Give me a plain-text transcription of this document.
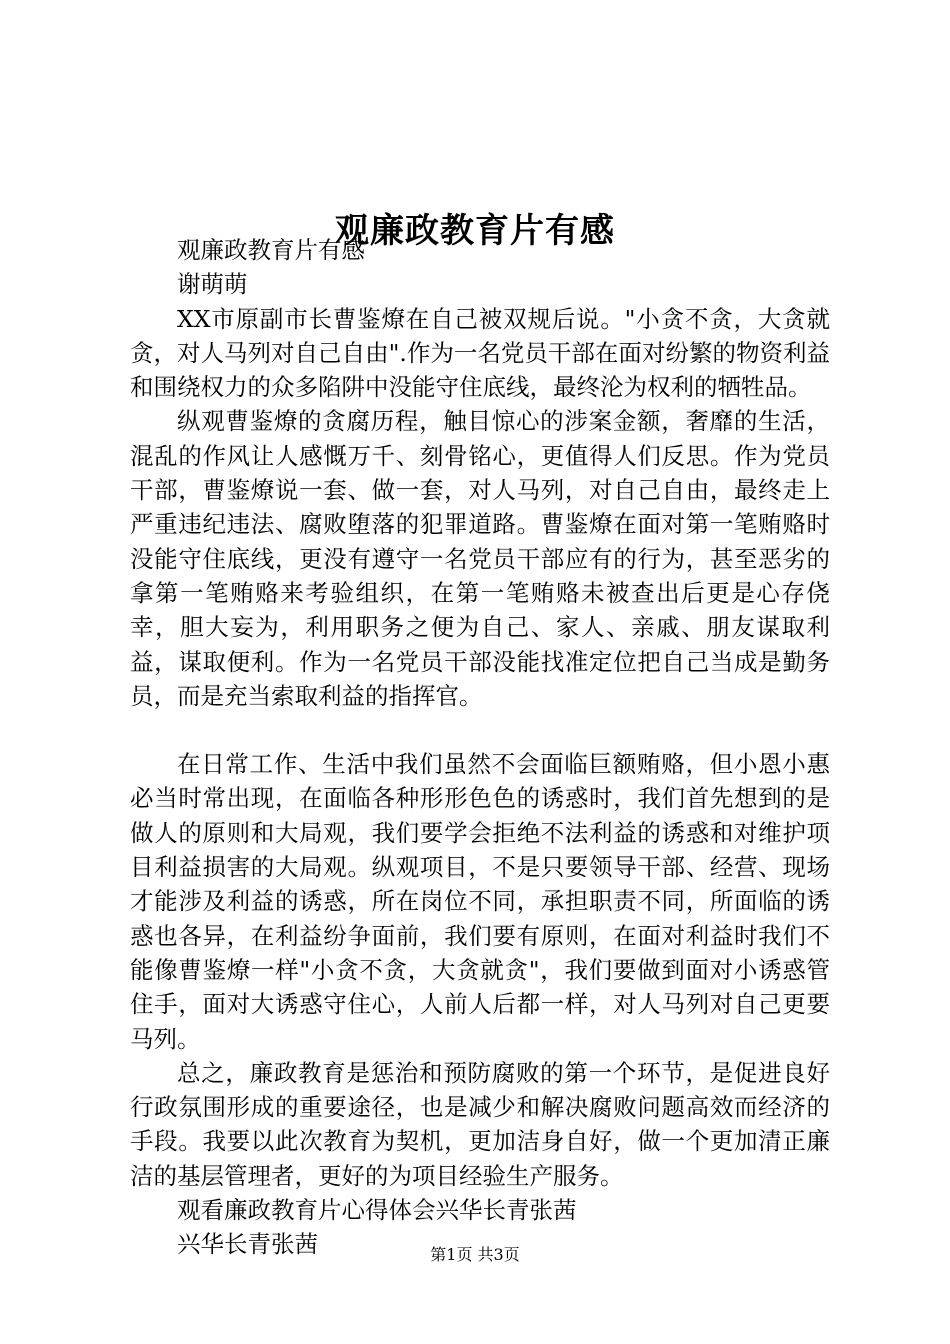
观廉政教育片有感

观廉政教育片有感

谢萌萌

XX市原副市长曹鉴燎在自己被双规后说。"小贪不贪，大贪就贪，对人马列对自己自由".作为一名党员干部在面对纷繁的物资利益和围绕权力的众多陷阱中没能守住底线，最终沦为权利的牺牲品。

纵观曹鉴燎的贪腐历程，触目惊心的涉案金额，奢靡的生活，混乱的作风让人感慨万千、刻骨铭心，更值得人们反思。作为党员干部，曹鉴燎说一套、做一套，对人马列，对自己自由，最终走上严重违纪违法、腐败堕落的犯罪道路。曹鉴燎在面对第一笔贿赂时没能守住底线，更没有遵守一名党员干部应有的行为，甚至恶劣的拿第一笔贿赂来考验组织，在第一笔贿赂未被查出后更是心存侥幸，胆大妄为，利用职务之便为自己、家人、亲戚、朋友谋取利益，谋取便利。作为一名党员干部没能找准定位把自己当成是勤务员，而是充当索取利益的指挥官。

在日常工作、生活中我们虽然不会面临巨额贿赂，但小恩小惠必当时常出现，在面临各种形形色色的诱惑时，我们首先想到的是做人的原则和大局观，我们要学会拒绝不法利益的诱惑和对维护项目利益损害的大局观。纵观项目，不是只要领导干部、经营、现场才能涉及利益的诱惑，所在岗位不同，承担职责不同，所面临的诱惑也各异，在利益纷争面前，我们要有原则，在面对利益时我们不能像曹鉴燎一样"小贪不贪，大贪就贪"，我们要做到面对小诱惑管住手，面对大诱惑守住心，人前人后都一样，对人马列对自己更要马列。

总之，廉政教育是惩治和预防腐败的第一个环节，是促进良好行政氛围形成的重要途径，也是减少和解决腐败问题高效而经济的手段。我要以此次教育为契机，更加洁身自好，做一个更加清正廉洁的基层管理者，更好的为项目经验生产服务。

观看廉政教育片心得体会兴华长青张茜

兴华长青张茜	第1页 共3页
